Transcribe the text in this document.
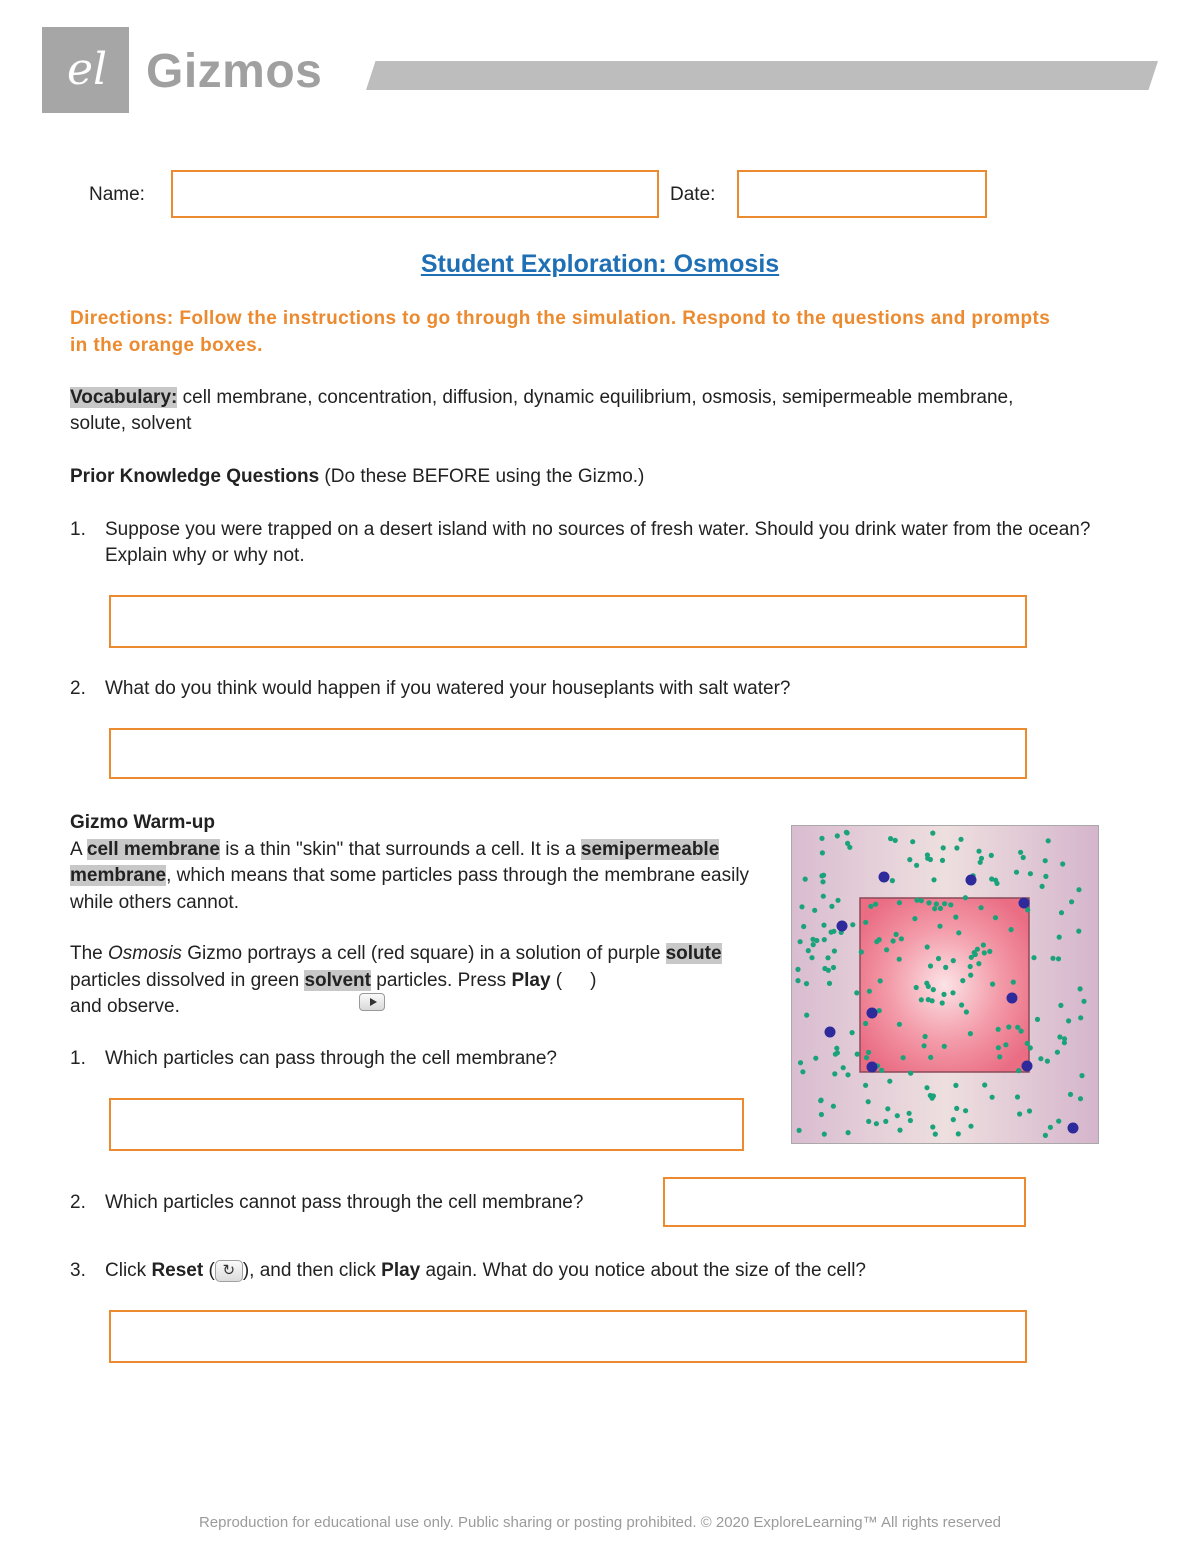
el Gizmos
Name:	Date:
Student Exploration: Osmosis
Directions: Follow the instructions to go through the simulation. Respond to the questions and prompts in the orange boxes.
Vocabulary: cell membrane, concentration, diffusion, dynamic equilibrium, osmosis, semipermeable membrane, solute, solvent
Prior Knowledge Questions (Do these BEFORE using the Gizmo.)
1. Suppose you were trapped on a desert island with no sources of fresh water. Should you drink water from the ocean? Explain why or why not.
2. What do you think would happen if you watered your houseplants with salt water?
Gizmo Warm-up
A cell membrane is a thin "skin" that surrounds a cell. It is a semipermeable membrane, which means that some particles pass through the membrane easily while others cannot.
The Osmosis Gizmo portrays a cell (red square) in a solution of purple solute particles dissolved in green solvent particles. Press Play ( )
and observe.
1. Which particles can pass through the cell membrane?
2. Which particles cannot pass through the cell membrane?
3. Click Reset ( ↻ ), and then click Play again. What do you notice about the size of the cell?
Reproduction for educational use only. Public sharing or posting prohibited. © 2020 ExploreLearning™ All rights reserved
